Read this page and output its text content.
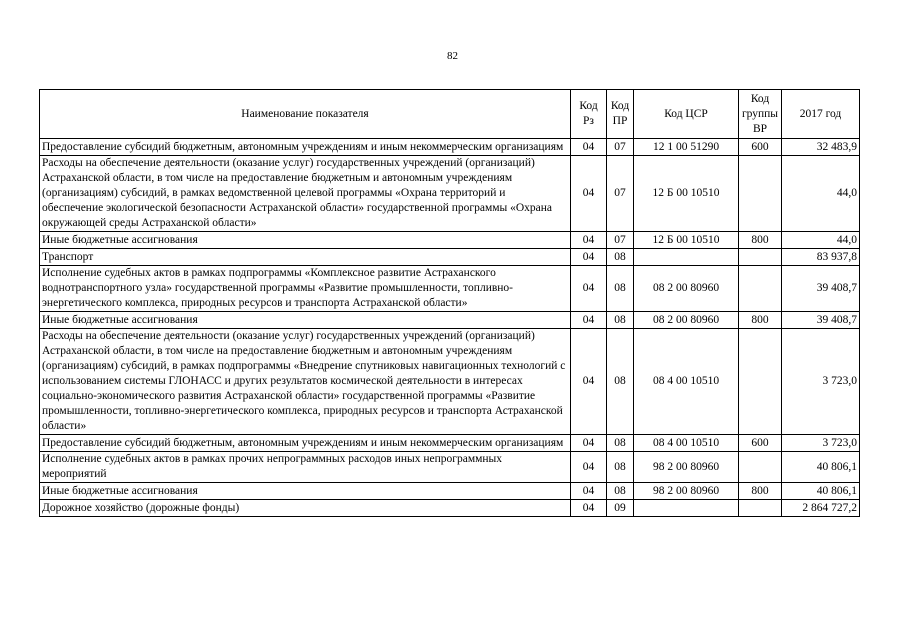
82
Наименование показателя	Код Рз	Код ПР	Код ЦСР	Код группы ВР	2017 год
Предоставление субсидий бюджетным, автономным учреждениям и иным некоммерческим организациям	04	07	12 1 00 51290	600	32 483,9
Расходы на обеспечение деятельности (оказание услуг) государственных учреждений (организаций) Астраханской области, в том числе на предоставление бюджетным и автономным учреждениям (организациям) субсидий, в рамках ведомственной целевой программы «Охрана территорий и обеспечение экологической безопасности Астраханской области» государственной программы «Охрана окружающей среды Астраханской области»	04	07	12 Б 00 10510		44,0
Иные бюджетные ассигнования	04	07	12 Б 00 10510	800	44,0
Транспорт	04	08			83 937,8
Исполнение судебных актов в рамках подпрограммы «Комплексное развитие Астраханского воднотранспортного узла» государственной программы «Развитие промышленности, топливно-энергетического комплекса, природных ресурсов и транспорта Астраханской области»	04	08	08 2 00 80960		39 408,7
Иные бюджетные ассигнования	04	08	08 2 00 80960	800	39 408,7
Расходы на обеспечение деятельности (оказание услуг) государственных учреждений (организаций) Астраханской области, в том числе на предоставление бюджетным и автономным учреждениям (организациям) субсидий, в рамках подпрограммы «Внедрение спутниковых навигационных технологий с использованием системы ГЛОНАСС и других результатов космической деятельности в интересах социально-экономического развития Астраханской области» государственной программы «Развитие промышленности, топливно-энергетического комплекса, природных ресурсов и транспорта Астраханской области»	04	08	08 4 00 10510		3 723,0
Предоставление субсидий бюджетным, автономным учреждениям и иным некоммерческим организациям	04	08	08 4 00 10510	600	3 723,0
Исполнение судебных актов в рамках прочих непрограммных расходов иных непрограммных мероприятий	04	08	98 2 00 80960		40 806,1
Иные бюджетные ассигнования	04	08	98 2 00 80960	800	40 806,1
Дорожное хозяйство (дорожные фонды)	04	09			2 864 727,2
